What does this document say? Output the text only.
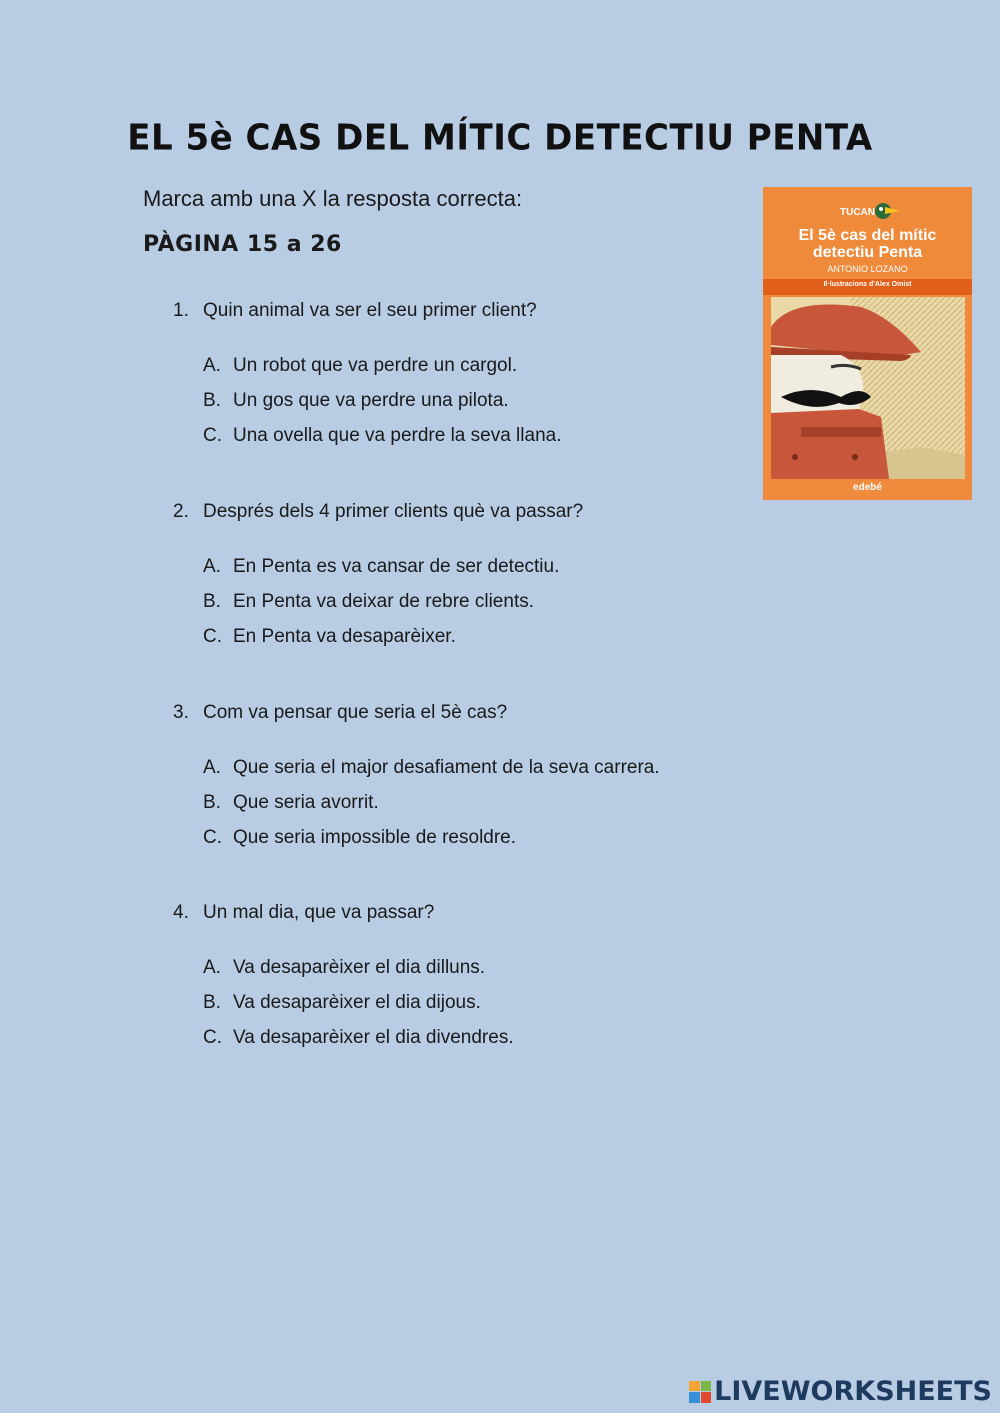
EL 5è CAS DEL MÍTIC DETECTIU PENTA
Marca amb una X la resposta correcta:
PÀGINA 15 a 26
1. Quin animal va ser el seu primer client?
A. Un robot que va perdre un cargol.
B. Un gos que va perdre una pilota.
C. Una ovella que va perdre la seva llana.
2. Després dels 4 primer clients què va passar?
A. En Penta es va cansar de ser detectiu.
B. En Penta va deixar de rebre clients.
C. En Penta va desaparèixer.
3. Com va pensar que seria el 5è cas?
A. Que seria el major desafiament de la seva carrera.
B. Que seria avorrit.
C. Que seria impossible de resoldre.
4. Un mal dia, que va passar?
A. Va desaparèixer el dia dilluns.
B. Va desaparèixer el dia dijous.
C. Va desaparèixer el dia divendres.
TUCAN
El 5è cas del mític
detectiu Penta
ANTONIO LOZANO
Il·lustracions d'Alex Omist
edebé
LIVEWORKSHEETS
